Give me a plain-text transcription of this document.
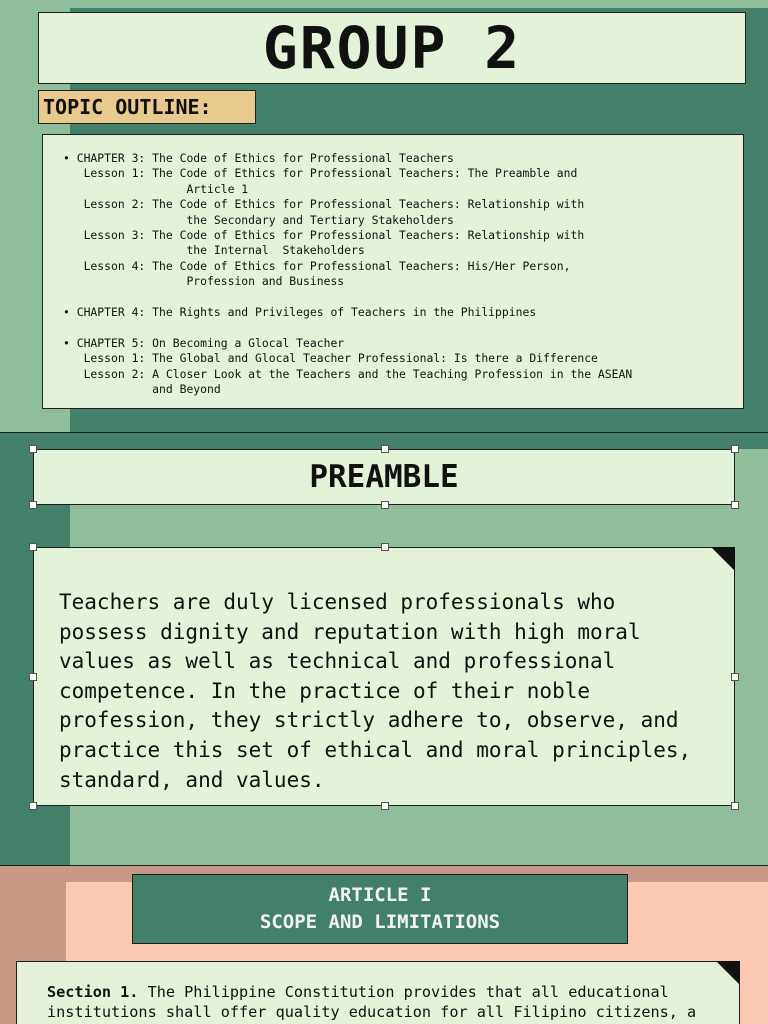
GROUP 2
TOPIC OUTLINE:
• CHAPTER 3: The Code of Ethics for Professional Teachers
Lesson 1: The Code of Ethics for Professional Teachers: The Preamble and
Article 1
Lesson 2: The Code of Ethics for Professional Teachers: Relationship with
the Secondary and Tertiary Stakeholders
Lesson 3: The Code of Ethics for Professional Teachers: Relationship with
the Internal  Stakeholders
Lesson 4: The Code of Ethics for Professional Teachers: His/Her Person,
Profession and Business
• CHAPTER 4: The Rights and Privileges of Teachers in the Philippines
• CHAPTER 5: On Becoming a Glocal Teacher
Lesson 1: The Global and Glocal Teacher Professional: Is there a Difference
Lesson 2: A Closer Look at the Teachers and the Teaching Profession in the ASEAN
and Beyond
PREAMBLE

Teachers are duly licensed professionals who possess dignity and reputation with high moral values as well as technical and professional competence. In the practice of their noble profession, they strictly adhere to, observe, and practice this set of ethical and moral principles, standard, and values.

ARTICLE I
SCOPE AND LIMITATIONS

Section 1. The Philippine Constitution provides that all educational institutions shall offer quality education for all Filipino citizens, a
